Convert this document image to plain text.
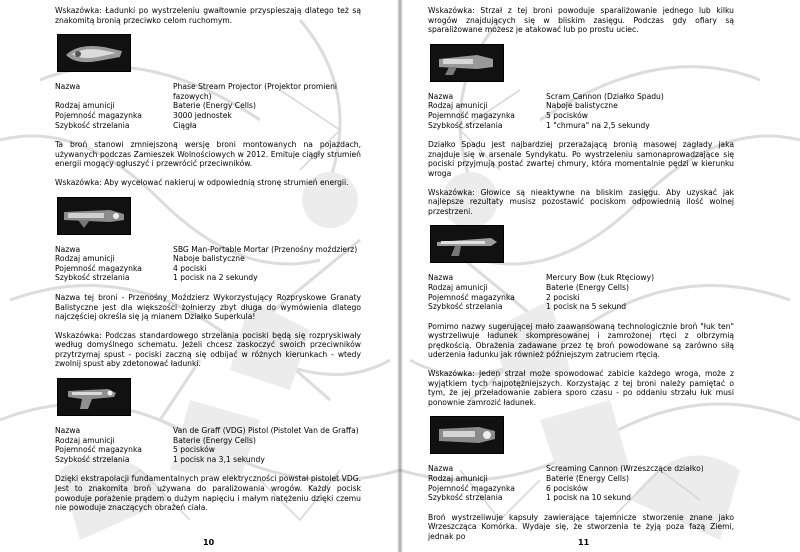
Wskazówka: Ładunki po wystrzeleniu gwałtownie przyspieszają dlatego też są znakomitą bronią przeciwko celom ruchomym.

Nazwa	Phase Stream Projector (Projektor promieni fazowych)
Rodzaj amunicji	Baterie (Energy Cells)
Pojemność magazynka	3000 jednostek
Szybkość strzelania	Ciągła

Ta broń stanowi zmniejszoną wersję broni montowanych na pojazdach, używanych podczas Zamieszek Wolnościowych w 2012. Emituje ciągły strumień energii mogący ogłuszyć i przewrócić przeciwników.

Wskazówka: Aby wycelować nakieruj w odpowiednią stronę strumień energii.

Nazwa	SBG Man-Portable Mortar (Przenośny moździerz)
Rodzaj amunicji	Naboje balistyczne
Pojemność magazynka	4 pociski
Szybkość strzelania	1 pocisk na 2 sekundy

Nazwa tej broni - Przenośny Moździerz Wykorzystujący Rozpryskowe Granaty Balistyczne jest dla większości żołnierzy zbyt długa do wymówienia dlatego najczęściej określa się ją mianem Działko Superkula!

Wskazówka: Podczas standardowego strzelania pociski będą się rozpryskiwały według domyślnego schematu. Jeżeli chcesz zaskoczyć swoich przeciwników przytrzymaj spust - pociski zaczną się odbijać w różnych kierunkach - wtedy zwolnij spust aby zdetonować ładunki.

Nazwa	Van de Graff (VDG) Pistol (Pistolet Van de Graffa)
Rodzaj amunicji	Baterie (Energy Cells)
Pojemność magazynka	5 pocisków
Szybkość strzelania	1 pocisk na 3,1 sekundy

Dzięki ekstrapolacji fundamentalnych praw elektryczności powstał pistolet VDG. Jest to znakomita broń używana do paraliżowania wrogów. Każdy pocisk powoduje porażenie prądem o dużym napięciu i małym natężeniu dzięki czemu nie powoduje znaczących obrażeń ciała.

10

Wskazówka: Strzał z tej broni powoduje sparaliżowanie jednego lub kilku wrogów znajdujących się w bliskim zasięgu. Podczas gdy ofiary są sparaliżowane możesz je atakować lub po prostu uciec.

Nazwa	Scram Cannon (Działko Spadu)
Rodzaj amunicji	Naboje balistyczne
Pojemność magazynka	5 pocisków
Szybkość strzelania	1 "chmura" na 2,5 sekundy

Działko Spadu jest najbardziej przerażającą bronią masowej zagłady jaka znajduje się w arsenale Syndykatu. Po wystrzeleniu samonaprowadzające się pociski przyjmują postać zwartej chmury, która momentalnie pędzi w kierunku wroga

Wskazówka: Głowice są nieaktywne na bliskim zasięgu. Aby uzyskać jak najlepsze rezultaty musisz pozostawić pociskom odpowiednią ilość wolnej przestrzeni.

Nazwa	Mercury Bow (Łuk Rtęciowy)
Rodzaj amunicji	Baterie (Energy Cells)
Pojemność magazynka	2 pociski
Szybkość strzelania	1 pocisk na 5 sekund

Pomimo nazwy sugerującej mało zaawansowaną technologicznie broń "łuk ten" wystrzeliwuje ładunek skompresowanej i zamrożonej rtęci z olbrzymią prędkością. Obrażenia zadawane przez tę broń powodowane są zarówno siłą uderzenia ładunku jak również późniejszym zatruciem rtęcią.

Wskazówka: Jeden strzał może spowodować zabicie każdego wroga, może z wyjątkiem tych najpotężniejszych. Korzystając z tej broni należy pamiętać o tym, że jej przeładowanie zabiera sporo czasu - po oddaniu strzału łuk musi ponownie zamrozić ładunek.

Nazwa	Screaming Cannon (Wrzeszczące działko)
Rodzaj amunicji	Baterie (Energy Cells)
Pojemność magazynka	6 pocisków
Szybkość strzelania	1 pocisk na 10 sekund

Broń wystrzeliwuje kapsuły zawierające tajemnicze stworzenie znane jako Wrzeszcząca Komórka. Wydaje się, że stworzenia te żyją poza fazą Ziemi, jednak po

11
